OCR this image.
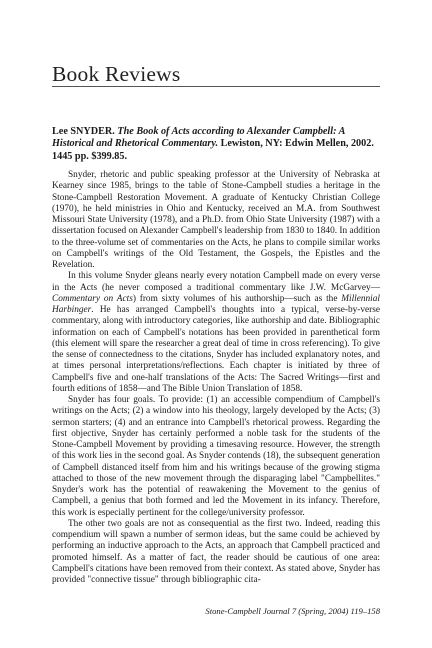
Book Reviews

Lee SNYDER. The Book of Acts according to Alexander Campbell: A Historical and Rhetorical Commentary. Lewiston, NY: Edwin Mellen, 2002. 1445 pp. $399.85.

Snyder, rhetoric and public speaking professor at the University of Nebraska at Kearney since 1985, brings to the table of Stone-Campbell studies a heritage in the Stone-Campbell Restoration Movement. A graduate of Kentucky Christian College (1970), he held ministries in Ohio and Kentucky, received an M.A. from Southwest Missouri State University (1978), and a Ph.D. from Ohio State University (1987) with a dissertation focused on Alexander Campbell's leadership from 1830 to 1840. In addition to the three-volume set of commentaries on the Acts, he plans to compile similar works on Campbell's writings of the Old Testament, the Gospels, the Epistles and the Revelation.

In this volume Snyder gleans nearly every notation Campbell made on every verse in the Acts (he never composed a traditional commentary like J.W. McGarvey—Commentary on Acts) from sixty volumes of his authorship—such as the Millennial Harbinger. He has arranged Campbell's thoughts into a typical, verse-by-verse commentary, along with introductory categories, like authorship and date. Bibliographic information on each of Campbell's notations has been provided in parenthetical form (this element will spare the researcher a great deal of time in cross referencing). To give the sense of connectedness to the citations, Snyder has included explanatory notes, and at times personal interpretations/reflections. Each chapter is initiated by three of Campbell's five and one-half translations of the Acts: The Sacred Writings—first and fourth editions of 1858—and The Bible Union Translation of 1858.

Snyder has four goals. To provide: (1) an accessible compendium of Campbell's writings on the Acts; (2) a window into his theology, largely developed by the Acts; (3) sermon starters; (4) and an entrance into Campbell's rhetorical prowess. Regarding the first objective, Snyder has certainly performed a noble task for the students of the Stone-Campbell Movement by providing a timesaving resource. However, the strength of this work lies in the second goal. As Snyder contends (18), the subsequent generation of Campbell distanced itself from him and his writings because of the growing stigma attached to those of the new movement through the disparaging label "Campbellites." Snyder's work has the potential of reawakening the Movement to the genius of Campbell, a genius that both formed and led the Movement in its infancy. Therefore, this work is especially pertinent for the college/university professor.

The other two goals are not as consequential as the first two. Indeed, reading this compendium will spawn a number of sermon ideas, but the same could be achieved by performing an inductive approach to the Acts, an approach that Campbell practiced and promoted himself. As a matter of fact, the reader should be cautious of one area: Campbell's citations have been removed from their context. As stated above, Snyder has provided "connective tissue" through bibliographic cita-

Stone-Campbell Journal 7 (Spring, 2004) 119–158
